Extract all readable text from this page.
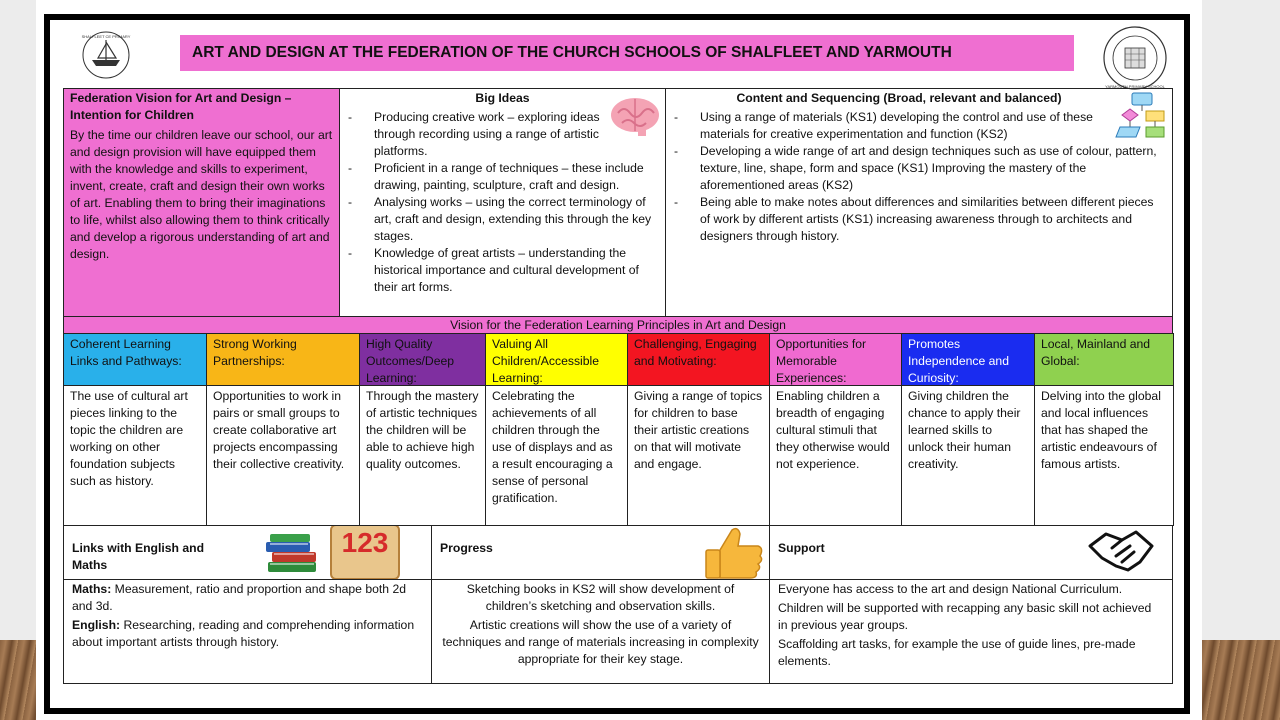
SHALFLEET CE PRIMARY
YARMOUTH PRIMARY SCHOOL
ART AND DESIGN AT THE FEDERATION OF THE CHURCH SCHOOLS OF SHALFLEET AND YARMOUTH
Federation Vision for Art and Design – Intention for Children
By the time our children leave our school, our art and design provision will have equipped them with the knowledge and skills to experiment, invent, create, craft and design their own works of art. Enabling them to bring their imaginations to life, whilst also allowing them to think critically and develop a rigorous understanding of art and design.
Big Ideas
- Producing creative work – exploring ideas through recording using a range of artistic platforms.
- Proficient in a range of techniques – these include drawing, painting, sculpture, craft and design.
- Analysing works – using the correct terminology of art, craft and design, extending this through the key stages.
- Knowledge of great artists – understanding the historical importance and cultural development of their art forms.
Content and Sequencing (Broad, relevant and balanced)
- Using a range of materials (KS1) developing the control and use of these materials for creative experimentation and function (KS2)
- Developing a wide range of art and design techniques such as use of colour, pattern, texture, line, shape, form and space (KS1) Improving the mastery of the aforementioned areas (KS2)
- Being able to make notes about differences and similarities between different pieces of work by different artists (KS1) increasing awareness through to architects and designers through history.
Vision for the Federation Learning Principles in Art and Design
Coherent Learning Links and Pathways:
The use of cultural art pieces linking to the topic the children are working on other foundation subjects such as history.
Strong Working Partnerships:
Opportunities to work in pairs or small groups to create collaborative art projects encompassing their collective creativity.
High Quality Outcomes/Deep Learning:
Through the mastery of artistic techniques the children will be able to achieve high quality outcomes.
Valuing All Children/Accessible Learning:
Celebrating the achievements of all children through the use of displays and as a result encouraging a sense of personal gratification.
Challenging, Engaging and Motivating:
Giving a range of topics for children to base their artistic creations on that will motivate and engage.
Opportunities for Memorable Experiences:
Enabling children a breadth of engaging cultural stimuli that they otherwise would not experience.
Promotes Independence and Curiosity:
Giving children the chance to apply their learned skills to unlock their human creativity.
Local, Mainland and Global:
Delving into the global and local influences that has shaped the artistic endeavours of famous artists.
Links with English and Maths
123	Progress	Support
Maths: Measurement, ratio and proportion and shape both 2d and 3d.
English: Researching, reading and comprehending information about important artists through history.
Sketching books in KS2 will show development of children’s sketching and observation skills.
Artistic creations will show the use of a variety of techniques and range of materials increasing in complexity appropriate for their key stage.
Everyone has access to the art and design National Curriculum.
Children will be supported with recapping any basic skill not achieved in previous year groups.
Scaffolding art tasks, for example the use of guide lines, pre-made elements.
